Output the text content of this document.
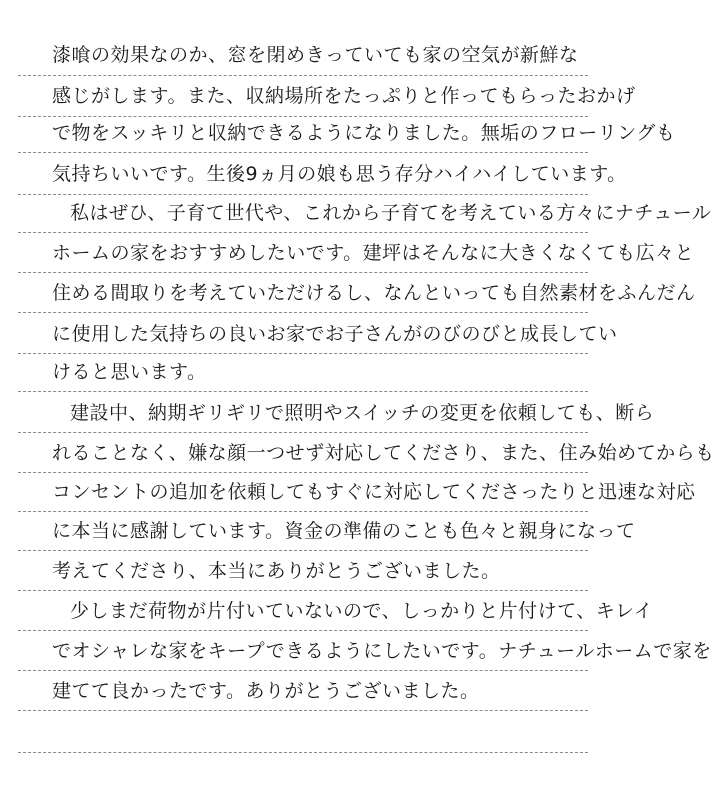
漆喰の効果なのか、窓を閉めきっていても家の空気が新鮮な
感じがします。また、収納場所をたっぷりと作ってもらったおかげ
で物をスッキリと収納できるようになりました。無垢のフローリングも
気持ちいいです。生後9ヵ月の娘も思う存分ハイハイしています。
私はぜひ、子育て世代や、これから子育てを考えている方々にナチュール
ホームの家をおすすめしたいです。建坪はそんなに大きくなくても広々と
住める間取りを考えていただけるし、なんといっても自然素材をふんだん
に使用した気持ちの良いお家でお子さんがのびのびと成長してい
けると思います。
建設中、納期ギリギリで照明やスイッチの変更を依頼しても、断ら
れることなく、嫌な顔一つせず対応してくださり、また、住み始めてからも
コンセントの追加を依頼してもすぐに対応してくださったりと迅速な対応
に本当に感謝しています。資金の準備のことも色々と親身になって
考えてくださり、本当にありがとうございました。
少しまだ荷物が片付いていないので、しっかりと片付けて、キレイ
でオシャレな家をキープできるようにしたいです。ナチュールホームで家を
建てて良かったです。ありがとうございました。
